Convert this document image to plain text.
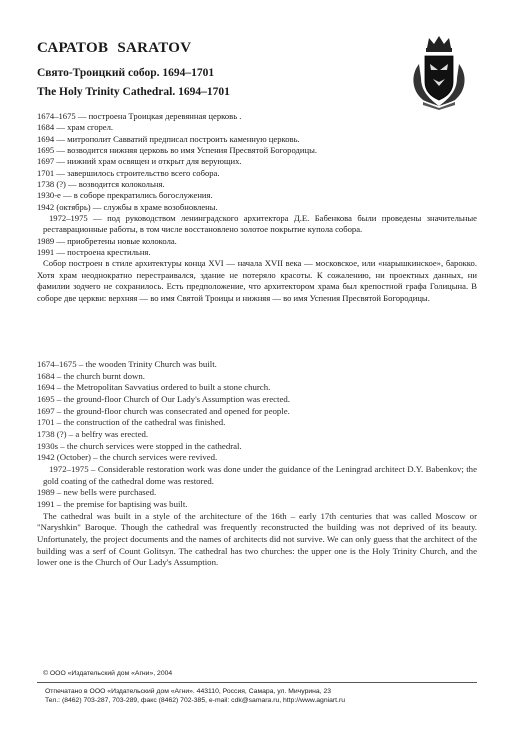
САРАТОВ SARATOV
Свято-Троицкий собор. 1694–1701
The Holy Trinity Cathedral. 1694–1701
1674–1675 — построена Троицкая деревянная церковь .
1684 — храм сгорел.
1694 — митрополит Савватий предписал построить каменную церковь.
1695 — возводится нижняя церковь во имя Успения Пресвятой Богородицы.
1697 — нижний храм освящен и открыт для верующих.
1701 — завершилось строительство всего собора.
1738 (?) — возводится колокольня.
1930-е — в соборе прекратились богослужения.
1942 (октябрь) — службы в храме возобновлены.
1972–1975 — под руководством ленинградского архитектора Д.Е. Бабенкова были проведены значительные реставрационные работы, в том числе восстановлено золотое покрытие купола собора.
1989 — приобретены новые колокола.
1991 — построена крестильня.
Собор построен в стиле архитектуры конца XVI — начала XVII века — московское, или «нарышкинское», барокко. Хотя храм неоднократно перестраивался, здание не потеряло красоты. К сожалению, ни проектных данных, ни фамилии зодчего не сохранилось. Есть предположение, что архитектором храма был крепостной графа Голицына. В соборе две церкви: верхняя — во имя Святой Троицы и нижняя — во имя Успения Пресвятой Богородицы.
1674–1675 – the wooden Trinity Church was built.
1684 – the church burnt down.
1694 – the Metropolitan Savvatius ordered to built a stone church.
1695 – the ground-floor Church of Our Lady's Assumption was erected.
1697 – the ground-floor church was consecrated and opened for people.
1701 – the construction of the cathedral was finished.
1738 (?) – a belfry was erected.
1930s – the church services were stopped in the cathedral.
1942 (October) – the church services were revived.
1972–1975 – Considerable restoration work was done under the guidance of the Leningrad architect D.Y. Babenkov; the gold coating of the cathedral dome was restored.
1989 – new bells were purchased.
1991 – the premise for baptising was built.
The cathedral was built in a style of the architecture of the 16th – early 17th centuries that was called Moscow or "Naryshkin" Baroque. Though the cathedral was frequently reconstructed the building was not deprived of its beauty. Unfortunately, the project documents and the names of architects did not survive. We can only guess that the architect of the building was a serf of Count Golitsyn. The cathedral has two churches: the upper one is the Holy Trinity Church, and the lower one is the Church of Our Lady's Assumption.
© ООО «Издательский дом «Агни», 2004
Отпечатано в ООО «Издательский дом «Агни». 443110, Россия, Самара, ул. Мичурина, 23
Тел.: (8462) 703-287, 703-289, факс (8462) 702-385, e-mail: cdk@samara.ru, http://www.agniart.ru
